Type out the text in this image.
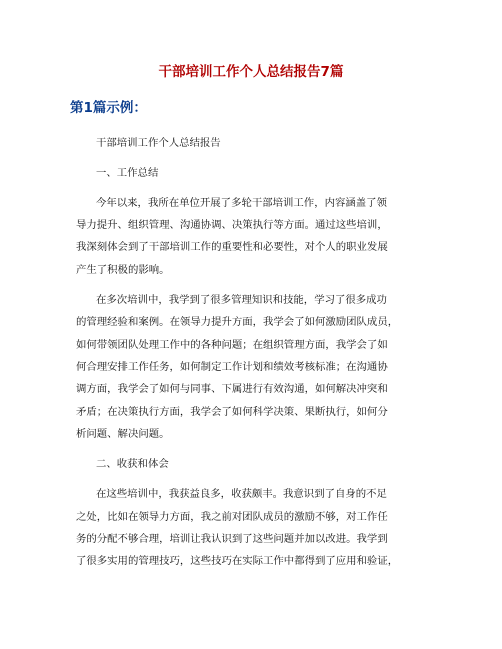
干部培训工作个人总结报告7篇
第1篇示例：
干部培训工作个人总结报告
一、工作总结
今年以来，我所在单位开展了多轮干部培训工作，内容涵盖了领
导力提升、组织管理、沟通协调、决策执行等方面。通过这些培训，
我深刻体会到了干部培训工作的重要性和必要性，对个人的职业发展
产生了积极的影响。
在多次培训中，我学到了很多管理知识和技能，学习了很多成功
的管理经验和案例。在领导力提升方面，我学会了如何激励团队成员，
如何带领团队处理工作中的各种问题；在组织管理方面，我学会了如
何合理安排工作任务，如何制定工作计划和绩效考核标准；在沟通协
调方面，我学会了如何与同事、下属进行有效沟通，如何解决冲突和
矛盾；在决策执行方面，我学会了如何科学决策、果断执行，如何分
析问题、解决问题。
二、收获和体会
在这些培训中，我获益良多，收获颇丰。我意识到了自身的不足
之处，比如在领导力方面，我之前对团队成员的激励不够，对工作任
务的分配不够合理，培训让我认识到了这些问题并加以改进。我学到
了很多实用的管理技巧，这些技巧在实际工作中都得到了应用和验证，
